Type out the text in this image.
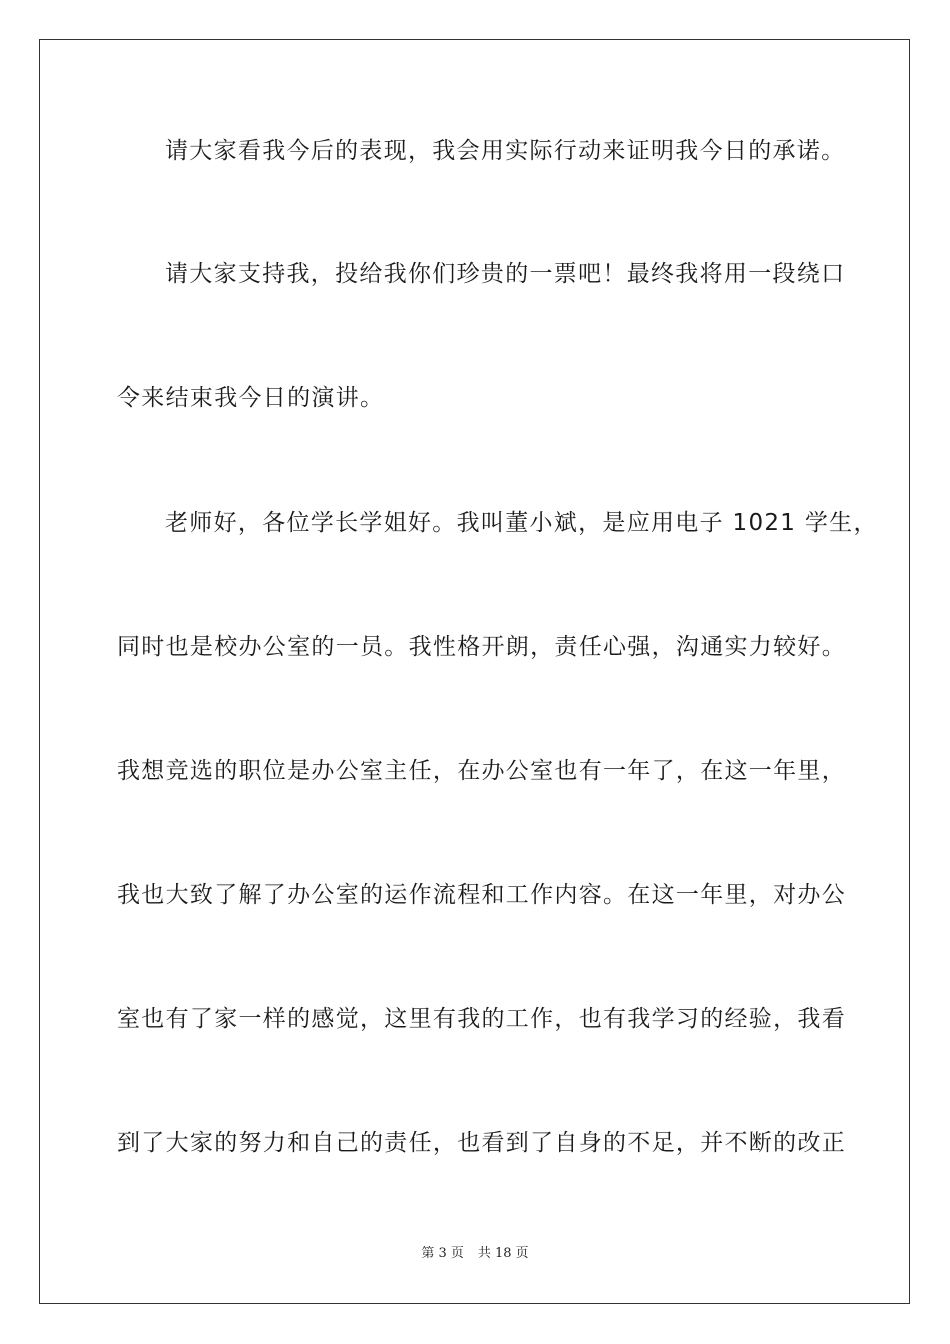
请大家看我今后的表现，我会用实际行动来证明我今日的承诺。
请大家支持我，投给我你们珍贵的一票吧！最终我将用一段绕口
令来结束我今日的演讲。
老师好，各位学长学姐好。我叫董小斌，是应用电子 1021 学生，
同时也是校办公室的一员。我性格开朗，责任心强，沟通实力较好。
我想竞选的职位是办公室主任，在办公室也有一年了，在这一年里，
我也大致了解了办公室的运作流程和工作内容。在这一年里，对办公
室也有了家一样的感觉，这里有我的工作，也有我学习的经验，我看
到了大家的努力和自己的责任，也看到了自身的不足，并不断的改正
第 3 页 共 18 页
